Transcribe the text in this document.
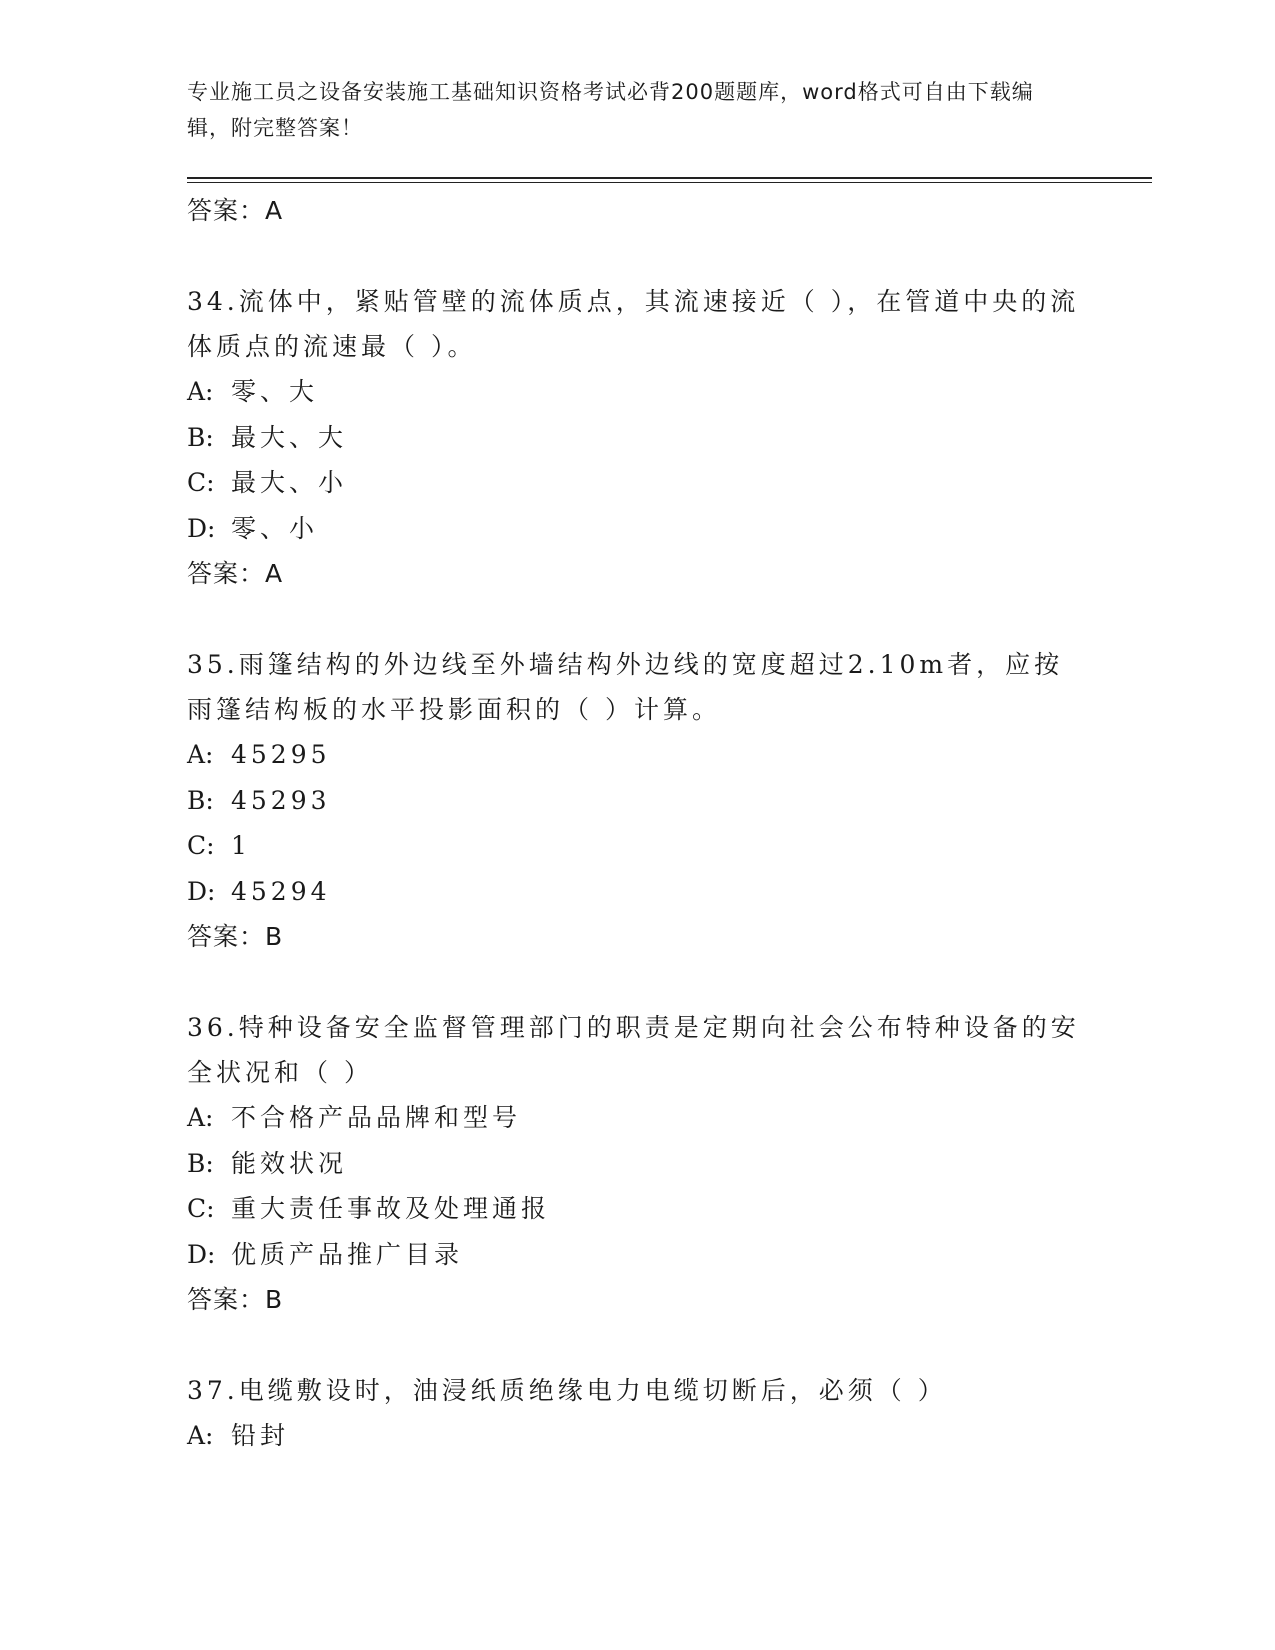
专业施工员之设备安装施工基础知识资格考试必背200题题库，word格式可自由下载编辑，附完整答案！
答案：A
34.流体中，紧贴管壁的流体质点，其流速接近（ ），在管道中央的流体质点的流速最（ ）。
A: 零、大
B: 最大、大
C: 最大、小
D: 零、小
答案：A
35.雨篷结构的外边线至外墙结构外边线的宽度超过2.10m者，应按雨篷结构板的水平投影面积的（ ）计算。
A: 45295
B: 45293
C: 1
D: 45294
答案：B
36.特种设备安全监督管理部门的职责是定期向社会公布特种设备的安全状况和（ ）
A: 不合格产品品牌和型号
B: 能效状况
C: 重大责任事故及处理通报
D: 优质产品推广目录
答案：B
37.电缆敷设时，油浸纸质绝缘电力电缆切断后，必须（ ）
A: 铅封
